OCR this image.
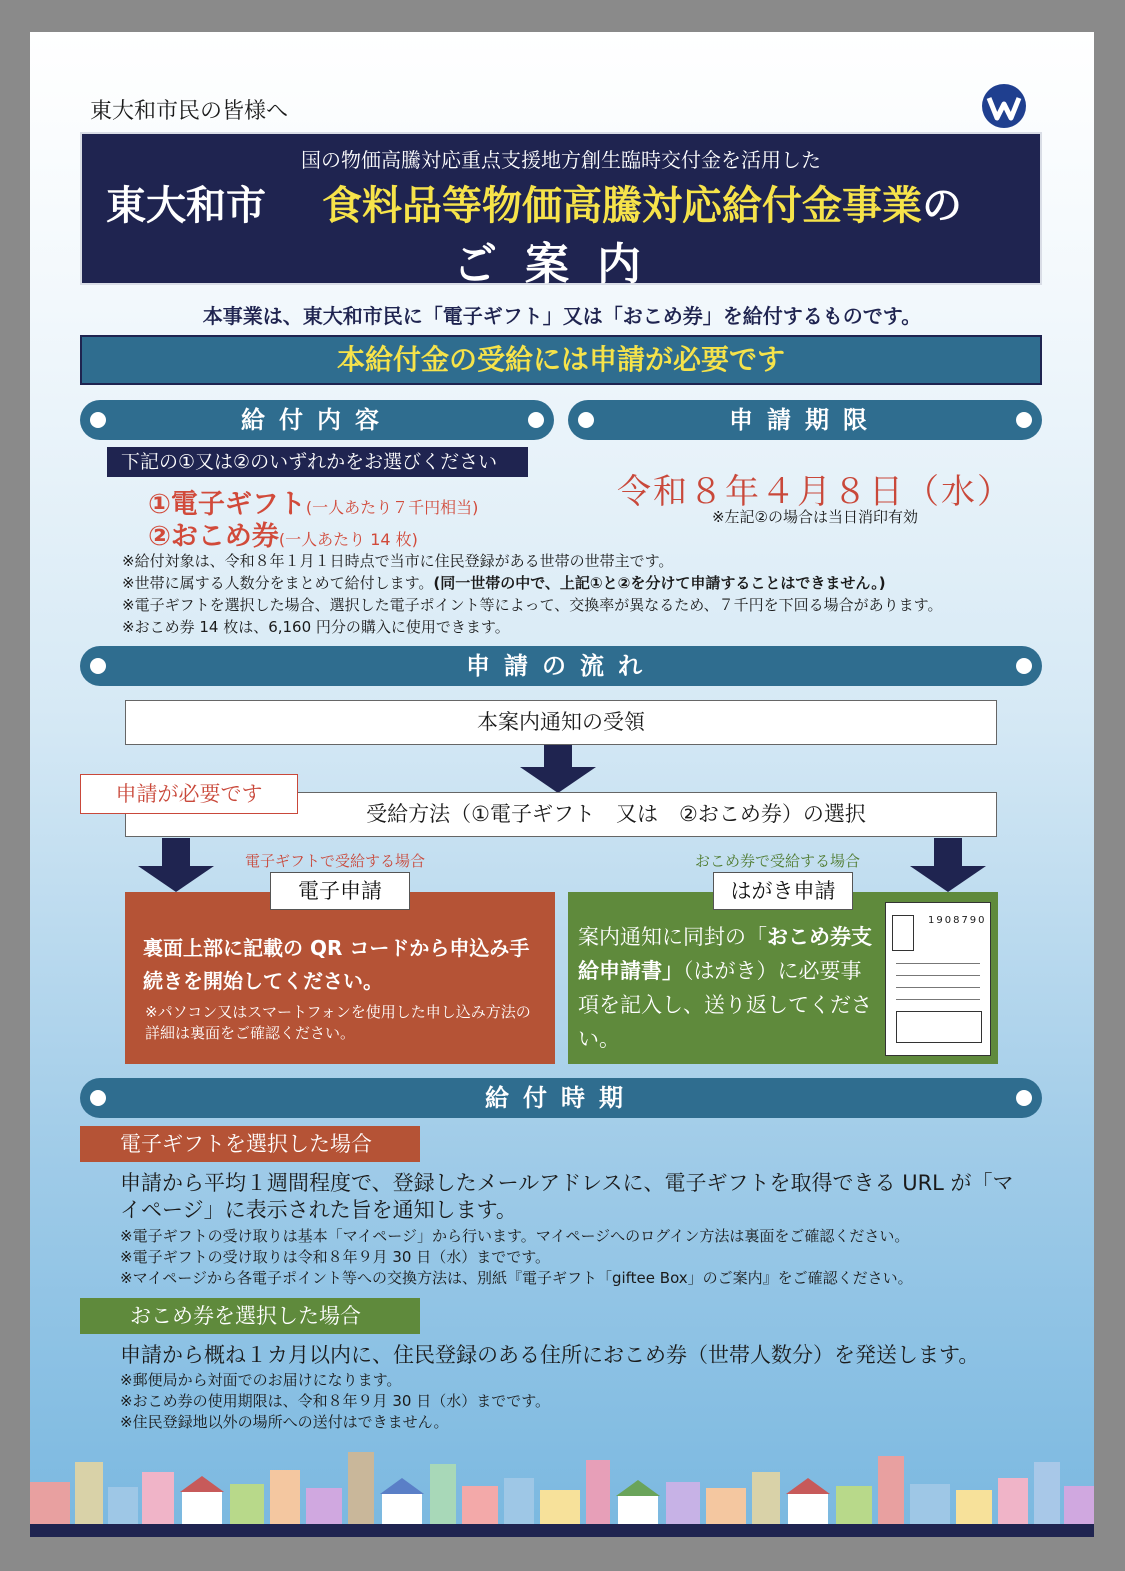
東大和市民の皆様へ
国の物価高騰対応重点支援地方創生臨時交付金を活用した
東大和市 食料品等物価高騰対応給付金事業の
ご案内
本事業は、東大和市民に「電子ギフト」又は「おこめ券」を給付するものです。
本給付金の受給には申請が必要です
給付内容	申請期限
下記の①又は②のいずれかをお選びください
①電子ギフト(一人あたり７千円相当)
②おこめ券(一人あたり 14 枚)
令和８年４月８日（水）
※左記②の場合は当日消印有効
※給付対象は、令和８年１月１日時点で当市に住民登録がある世帯の世帯主です。
※世帯に属する人数分をまとめて給付します。(同一世帯の中で、上記①と②を分けて申請することはできません。)
※電子ギフトを選択した場合、選択した電子ポイント等によって、交換率が異なるため、７千円を下回る場合があります。
※おこめ券 14 枚は、6,160 円分の購入に使用できます。
申請の流れ
本案内通知の受領
受給方法（①電子ギフト　又は　②おこめ券）の選択
申請が必要です
電子ギフトで受給する場合	おこめ券で受給する場合
裏面上部に記載の QR コードから申込み手続きを開始してください。
※パソコン又はスマートフォンを使用した申し込み方法の詳細は裏面をご確認ください。
電子申請
案内通知に同封の「おこめ券支給申請書」（はがき）に必要事項を記入し、送り返してください。
はがき申請
1908790
給付時期
電子ギフトを選択した場合
申請から平均１週間程度で、登録したメールアドレスに、電子ギフトを取得できる URL が「マイページ」に表示された旨を通知します。
※電子ギフトの受け取りは基本「マイページ」から行います。マイページへのログイン方法は裏面をご確認ください。
※電子ギフトの受け取りは令和８年９月 30 日（水）までです。
※マイページから各電子ポイント等への交換方法は、別紙『電子ギフト「giftee Box」のご案内』をご確認ください。
おこめ券を選択した場合
申請から概ね１カ月以内に、住民登録のある住所におこめ券（世帯人数分）を発送します。
※郵便局から対面でのお届けになります。
※おこめ券の使用期限は、令和８年９月 30 日（水）までです。
※住民登録地以外の場所への送付はできません。
